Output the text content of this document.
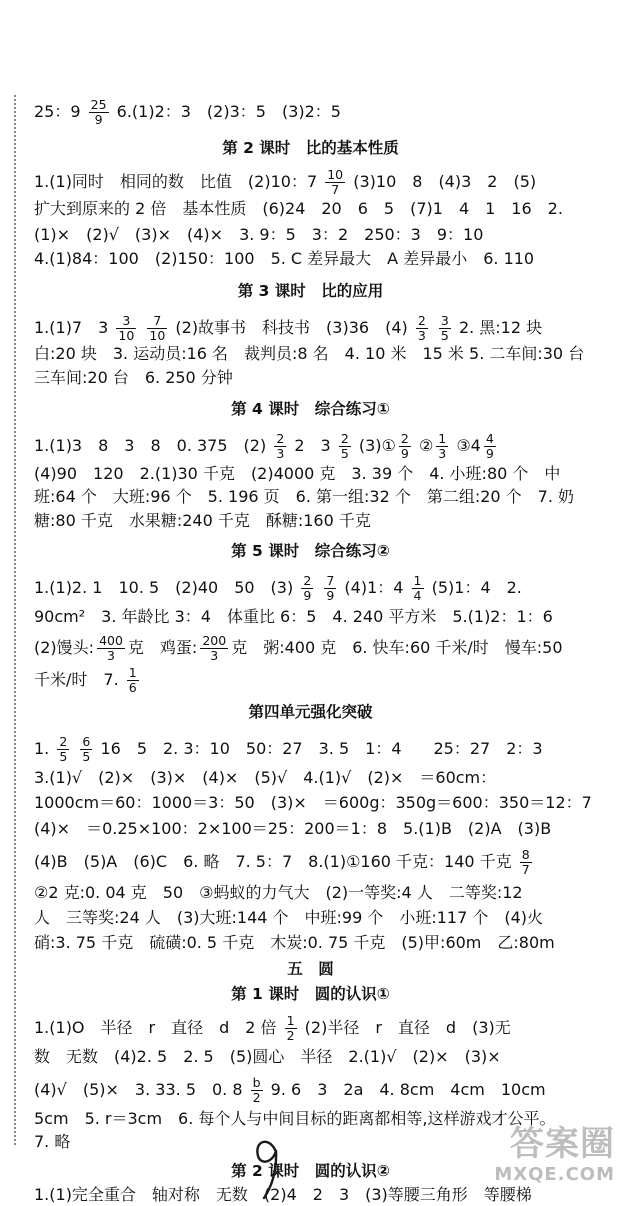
25：$9 \frac{25}{9} 6.(1)2$：3　(2)3：5　(3)2：5
第 2 课时　比的基本性质
1.(1)同时　相同的数　比值　(2)10：$7 \frac{10}{7} (3)10$　8　(4)3　2　(5)
扩大到原来的 2 倍　基本性质　(6)24　20　6　5　(7)1　4　1　16　2.
(1)×　(2)√　(3)×　(4)×　3. 9：5　3：2　250：3　9：10
4.(1)84：100　(2)150：100　5. C 差异最大　A 差异最小　6. 110
第 3 课时　比的应用
1.(1)7　$3 \frac{3}{10}$
$\frac{7}{10} (2)$故事书　科技书　(3)36　$(4) \frac{2}{3}$
$\frac{3}{5} 2$. 黑:12 块
白:20 块　3. 运动员:16 名　裁判员:8 名　4. 10 米　15 米 5. 二车间:30 台
三车间:20 台　6. 250 分钟
第 4 课时　综合练习①
1.(1)3　8　3　8　0. 375　$(2) \frac{2}{3} 2$　$3 \frac{2}{5}$ (3)① $\frac{2}{9}$ ② $\frac{1}{3}$ ③4 $\frac{4}{9}$
(4)90　120　2.(1)30 千克　(2)4000 克　3. 39 个　4. 小班:80 个　中
班:64 个　大班:96 个　5. 196 页　6. 第一组:32 个　第二组:20 个　7. 奶
糖:80 千克　水果糖:240 千克　酥糖:160 千克
第 5 课时　综合练习②
1.(1)2. 1　10. 5　(2)40　50　$(3) \frac{2}{9}$
$\frac{7}{9} (4)1$：$4 \frac{1}{4} (5)1$：4　2.
90cm²　3. 年龄比 3：4　体重比 6：5　4. 240 平方米　5.(1)2：1：6
(2)馒头: $\frac{400}{3}$ 克　鸡蛋: $\frac{200}{3}$ 克　粥:400 克　6. 快车:60 千米/时　慢车:50
千米/时　7. $\frac{1}{6}$
第四单元强化突破
1. $\frac{2}{5}$
$\frac{6}{5} 16$　5　2. 3：10　50：27　3. 5　1：4　　25：27　2：3
3.(1)√　(2)×　(3)×　(4)×　(5)√　4.(1)√　(2)×　＝60cm：
1000cm＝60：1000＝3：50　(3)×　＝600g：350g＝600：350＝12：7
(4)×　＝0.25×100：2×100＝25：200＝1：8　5.(1)B　(2)A　(3)B
(4)B　(5)A　(6)C　6. 略　7. 5：7　8.(1)①160 千克：140 千克 $\frac{8}{7}$
②2 克:0. 04 克　50　③蚂蚁的力气大　(2)一等奖:4 人　二等奖:12
人　三等奖:24 人　(3)大班:144 个　中班:99 个　小班:117 个　(4)火
硝:3. 75 千克　硫磺:0. 5 千克　木炭:0. 75 千克　(5)甲:60m　乙:80m
五　圆
第 1 课时　圆的认识①
1.(1)O　半径　r　直径　d　2 倍 $\frac{1}{2} (2)$半径　r　直径　d　(3)无
数　无数　(4)2. 5　2. 5　(5)圆心　半径　2.(1)√　(2)×　(3)×
(4)√　(5)×　3. 33. 5　0. $8 \frac{b}{2} 9$. 6　3　2a　4. 8cm　4cm　10cm
5cm　5. r＝3cm　6. 每个人与中间目标的距离都相等,这样游戏才公平。
7. 略
第 2 课时　圆的认识②
1.(1)完全重合　轴对称　无数　(2)4　2　3　(3)等腰三角形　等腰梯
答案圈
MXQE.COM
